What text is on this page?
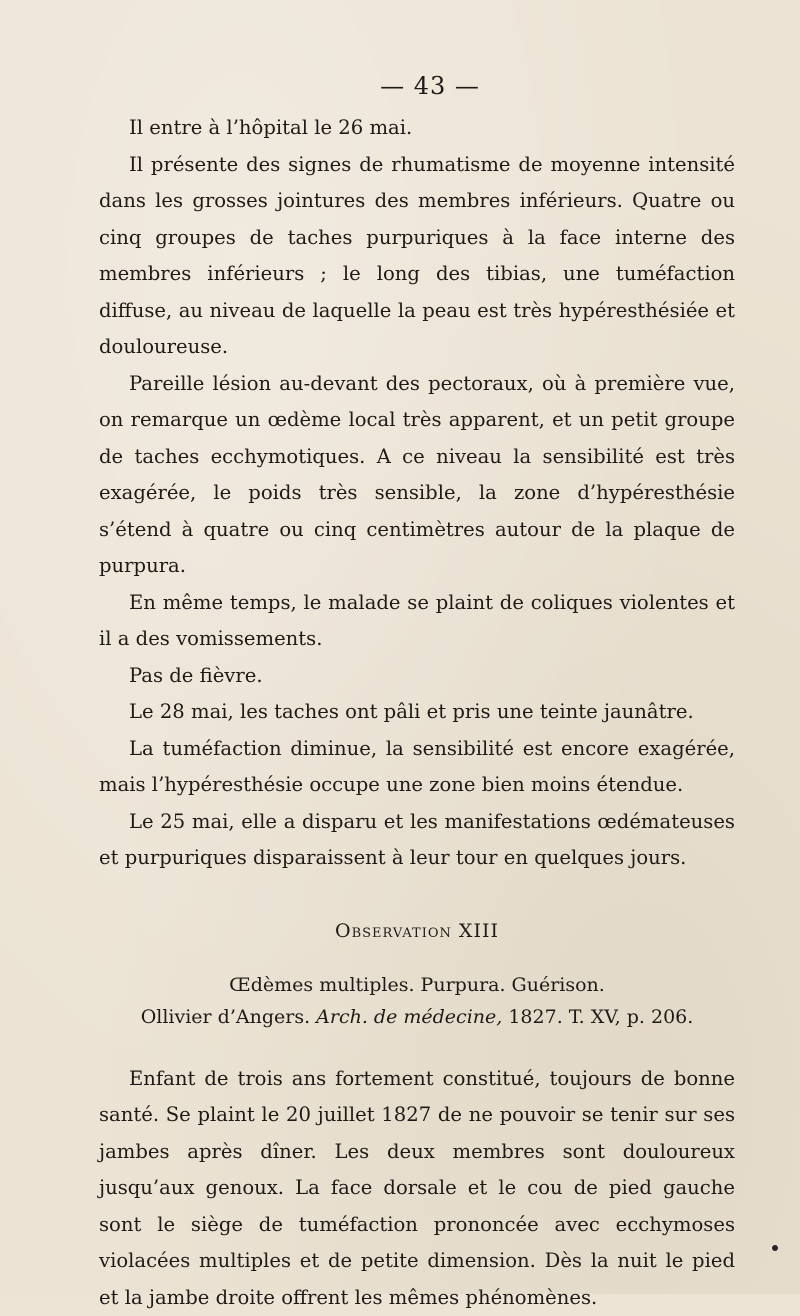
— 43 —

Il entre à l’hôpital le 26 mai.

Il présente des signes de rhumatisme de moyenne intensité dans les grosses jointures des membres inférieurs. Quatre ou cinq groupes de taches purpuriques à la face interne des membres inférieurs ; le long des tibias, une tuméfaction diffuse, au niveau de laquelle la peau est très hypéresthésiée et douloureuse.

Pareille lésion au-devant des pectoraux, où à première vue, on remarque un œdème local très apparent, et un petit groupe de taches ecchymotiques. A ce niveau la sensibilité est très exagérée, le poids très sensible, la zone d’hypéresthésie s’étend à quatre ou cinq centimètres autour de la plaque de purpura.

En même temps, le malade se plaint de coliques violentes et il a des vomissements.

Pas de fièvre.

Le 28 mai, les taches ont pâli et pris une teinte jaunâtre.

La tuméfaction diminue, la sensibilité est encore exagérée, mais l’hypéresthésie occupe une zone bien moins étendue.

Le 25 mai, elle a disparu et les manifestations œdémateuses et purpuriques disparaissent à leur tour en quelques jours.

Observation XIII
Œdèmes multiples. Purpura. Guérison.
Ollivier d’Angers. Arch. de médecine, 1827. T. XV, p. 206.

Enfant de trois ans fortement constitué, toujours de bonne santé. Se plaint le 20 juillet 1827 de ne pouvoir se tenir sur ses jambes après dîner. Les deux membres sont douloureux jusqu’aux genoux. La face dorsale et le cou de pied gauche sont le siège de tuméfaction prononcée avec ecchymoses violacées multiples et de petite dimension. Dès la nuit le pied et la jambe droite offrent les mêmes phénomènes.
